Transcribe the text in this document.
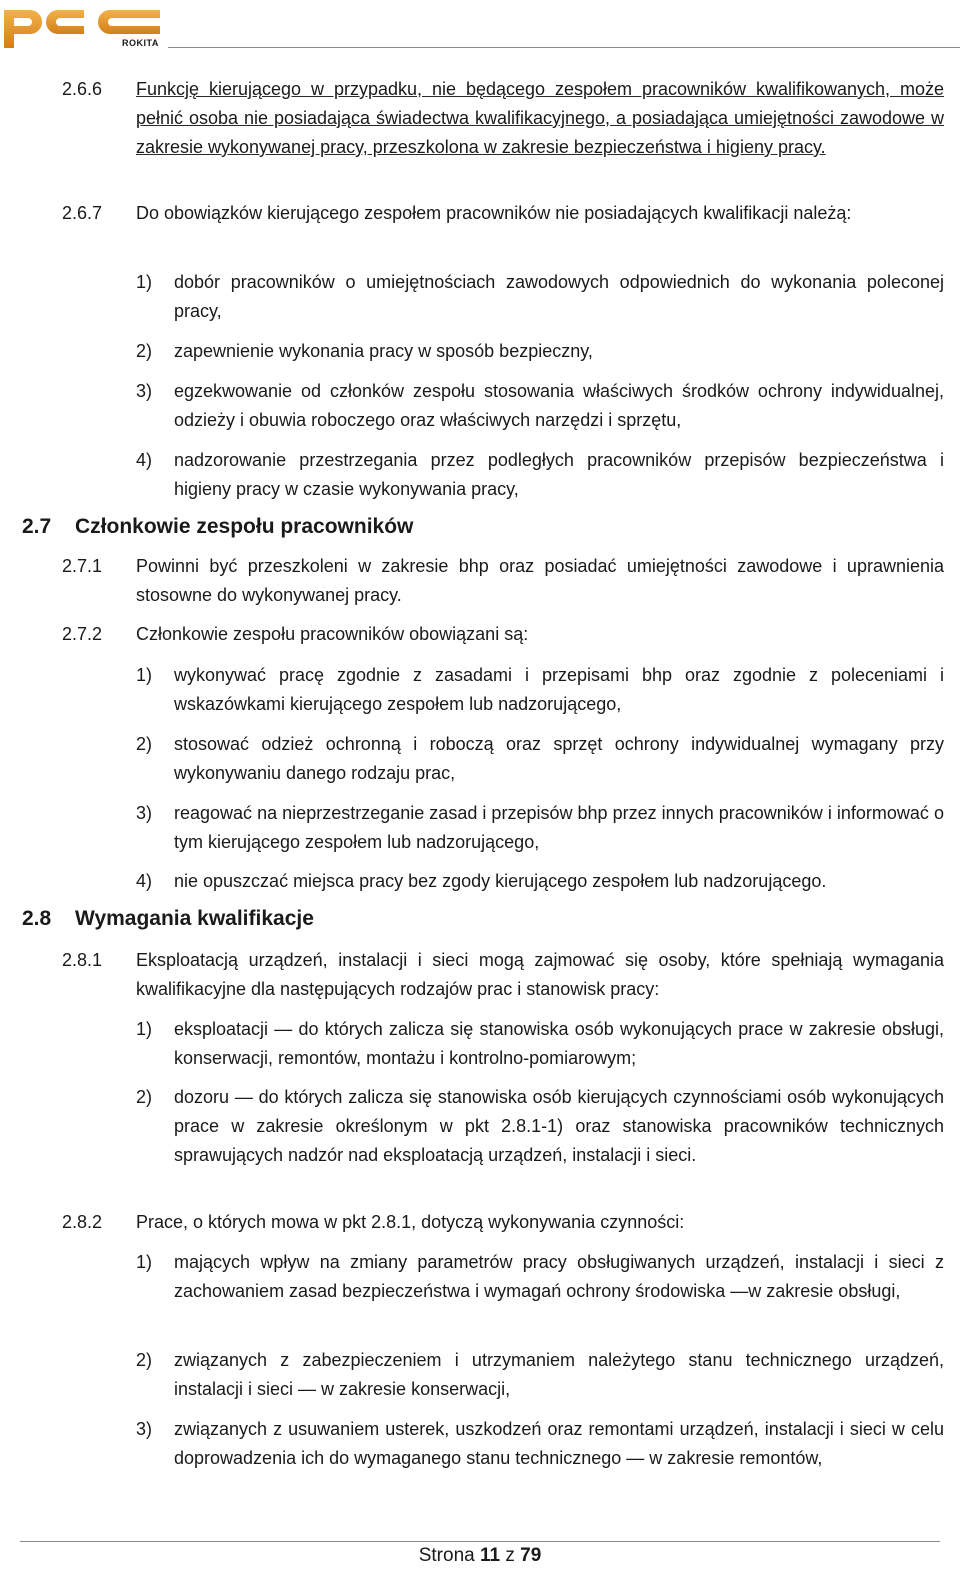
ROKITA
2.6.6 Funkcję kierującego w przypadku, nie będącego zespołem pracowników kwalifikowanych, może pełnić osoba nie posiadająca świadectwa kwalifikacyjnego, a posiadająca umiejętności zawodowe w zakresie wykonywanej pracy, przeszkolona w zakresie bezpieczeństwa i higieny pracy.
2.6.7 Do obowiązków kierującego zespołem pracowników nie posiadających kwalifikacji należą:
1) dobór pracowników o umiejętnościach zawodowych odpowiednich do wykonania poleconej pracy,
2) zapewnienie wykonania pracy w sposób bezpieczny,
3) egzekwowanie od członków zespołu stosowania właściwych środków ochrony indywidualnej, odzieży i obuwia roboczego oraz właściwych narzędzi i sprzętu,
4) nadzorowanie przestrzegania przez podległych pracowników przepisów bezpieczeństwa i higieny pracy w czasie wykonywania pracy,
2.7 Członkowie zespołu pracowników
2.7.1 Powinni być przeszkoleni w zakresie bhp oraz posiadać umiejętności zawodowe i uprawnienia stosowne do wykonywanej pracy.
2.7.2 Członkowie zespołu pracowników obowiązani są:
1) wykonywać pracę zgodnie z zasadami i przepisami bhp oraz zgodnie z poleceniami i wskazówkami kierującego zespołem lub nadzorującego,
2) stosować odzież ochronną i roboczą oraz sprzęt ochrony indywidualnej wymagany przy wykonywaniu danego rodzaju prac,
3) reagować na nieprzestrzeganie zasad i przepisów bhp przez innych pracowników i informować o tym kierującego zespołem lub nadzorującego,
4) nie opuszczać miejsca pracy bez zgody kierującego zespołem lub nadzorującego.
2.8 Wymagania kwalifikacje
2.8.1 Eksploatacją urządzeń, instalacji i sieci mogą zajmować się osoby, które spełniają wymagania kwalifikacyjne dla następujących rodzajów prac i stanowisk pracy:
1) eksploatacji — do których zalicza się stanowiska osób wykonujących prace w zakresie obsługi, konserwacji, remontów, montażu i kontrolno-pomiarowym;
2) dozoru — do których zalicza się stanowiska osób kierujących czynnościami osób wykonujących prace w zakresie określonym w pkt 2.8.1-1) oraz stanowiska pracowników technicznych sprawujących nadzór nad eksploatacją urządzeń, instalacji i sieci.
2.8.2 Prace, o których mowa w pkt 2.8.1, dotyczą wykonywania czynności:
1) mających wpływ na zmiany parametrów pracy obsługiwanych urządzeń, instalacji i sieci z zachowaniem zasad bezpieczeństwa i wymagań ochrony środowiska —w zakresie obsługi,
2) związanych z zabezpieczeniem i utrzymaniem należytego stanu technicznego urządzeń, instalacji i sieci — w zakresie konserwacji,
3) związanych z usuwaniem usterek, uszkodzeń oraz remontami urządzeń, instalacji i sieci w celu doprowadzenia ich do wymaganego stanu technicznego — w zakresie remontów,
Strona 11 z 79
